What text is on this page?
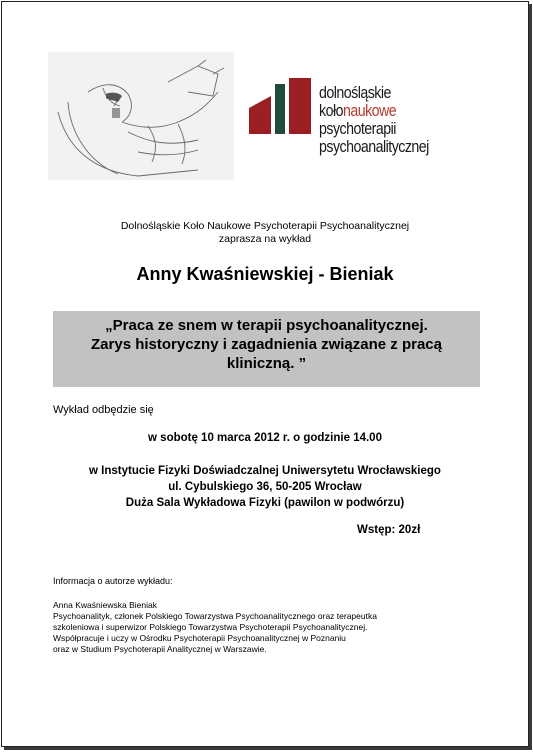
dolnośląskie
kołonaukowe
psychoterapii
psychoanalitycznej
Dolnośląskie Koło Naukowe Psychoterapii Psychoanalitycznej
zaprasza na wykład
Anny Kwaśniewskiej - Bieniak
„Praca ze snem w terapii psychoanalitycznej.
Zarys historyczny i zagadnienia związane z pracą
kliniczną. ”
Wykład odbędzie się
w sobotę 10 marca 2012 r. o godzinie 14.00
w Instytucie Fizyki Doświadczalnej Uniwersytetu Wrocławskiego
ul. Cybulskiego 36, 50-205 Wrocław
Duża Sala Wykładowa Fizyki (pawilon w podwórzu)
Wstęp: 20zł
Informacja o autorze wykładu:
Anna Kwaśniewska Bieniak
Psychoanalityk, członek Polskiego Towarzystwa Psychoanalitycznego oraz terapeutka
szkoleniowa i superwizor Polskiego Towarzystwa Psychoterapii Psychoanalitycznej.
Współpracuje i uczy w Ośrodku Psychoterapii Psychoanalitycznej w Poznaniu
oraz w Studium Psychoterapii Analitycznej w Warszawie.
